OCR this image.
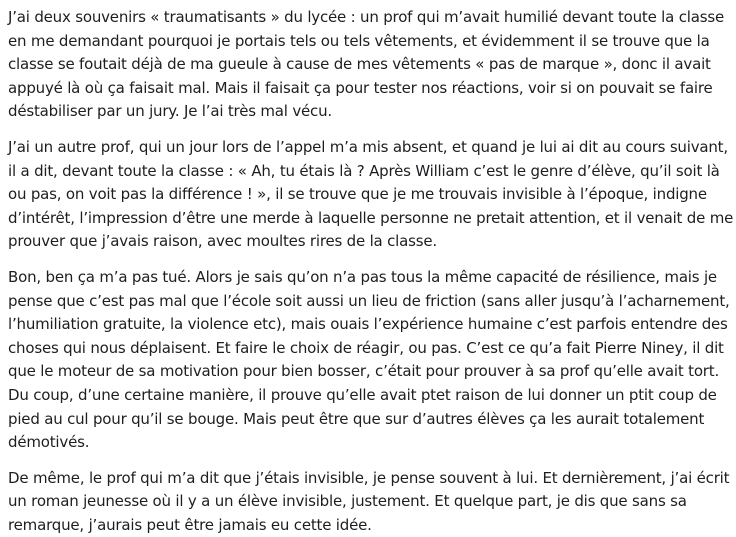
J’ai deux souvenirs « traumatisants » du lycée : un prof qui m’avait humilié devant toute la classe en me demandant pourquoi je portais tels ou tels vêtements, et évidemment il se trouve que la classe se foutait déjà de ma gueule à cause de mes vêtements « pas de marque », donc il avait appuyé là où ça faisait mal. Mais il faisait ça pour tester nos réactions, voir si on pouvait se faire déstabiliser par un jury. Je l’ai très mal vécu.

J’ai un autre prof, qui un jour lors de l’appel m’a mis absent, et quand je lui ai dit au cours suivant, il a dit, devant toute la classe : « Ah, tu étais là ? Après William c’est le genre d’élève, qu’il soit là ou pas, on voit pas la différence ! », il se trouve que je me trouvais invisible à l’époque, indigne d’intérêt, l’impression d’être une merde à laquelle personne ne pretait attention, et il venait de me prouver que j’avais raison, avec moultes rires de la classe.

Bon, ben ça m’a pas tué. Alors je sais qu’on n’a pas tous la même capacité de résilience, mais je pense que c’est pas mal que l’école soit aussi un lieu de friction (sans aller jusqu’à l’acharnement, l’humiliation gratuite, la violence etc), mais ouais l’expérience humaine c’est parfois entendre des choses qui nous déplaisent. Et faire le choix de réagir, ou pas. C’est ce qu’a fait Pierre Niney, il dit que le moteur de sa motivation pour bien bosser, c’était pour prouver à sa prof qu’elle avait tort. Du coup, d’une certaine manière, il prouve qu’elle avait ptet raison de lui donner un ptit coup de pied au cul pour qu’il se bouge. Mais peut être que sur d’autres élèves ça les aurait totalement démotivés.

De même, le prof qui m’a dit que j’étais invisible, je pense souvent à lui. Et dernièrement, j’ai écrit un roman jeunesse où il y a un élève invisible, justement. Et quelque part, je dis que sans sa remarque, j’aurais peut être jamais eu cette idée.
